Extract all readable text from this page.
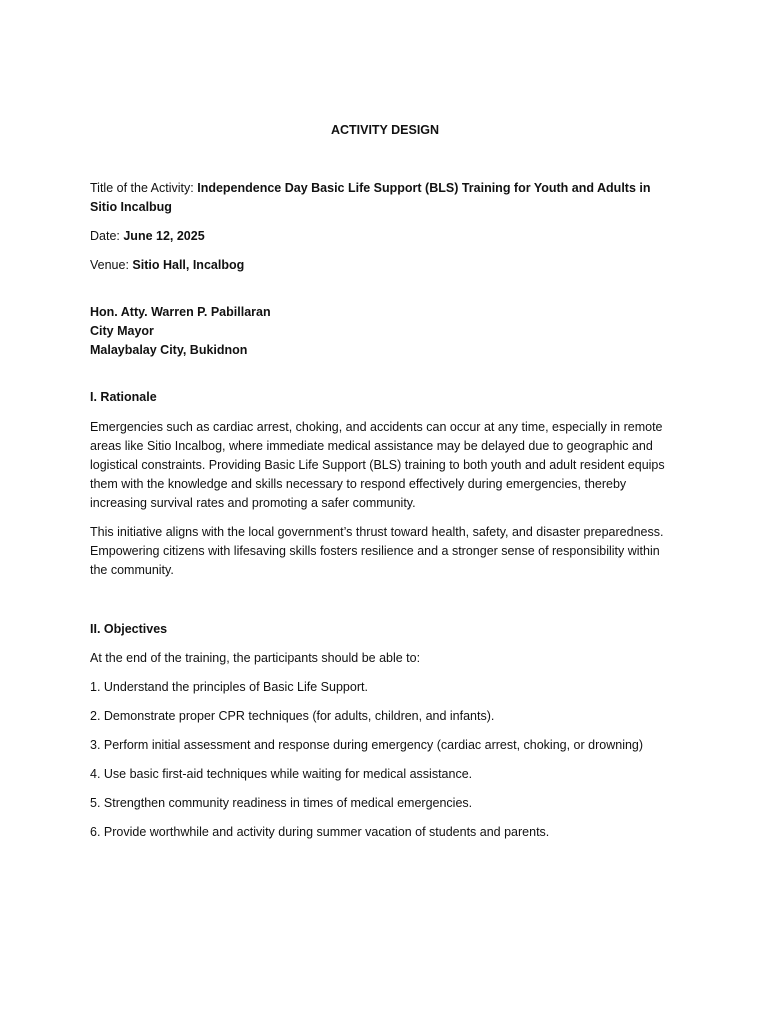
ACTIVITY DESIGN

Title of the Activity: Independence Day Basic Life Support (BLS) Training for Youth and Adults in Sitio Incalbug

Date: June 12, 2025

Venue: Sitio Hall, Incalbog

Hon. Atty. Warren P. Pabillaran
City Mayor
Malaybalay City, Bukidnon

I. Rationale

Emergencies such as cardiac arrest, choking, and accidents can occur at any time, especially in remote areas like Sitio Incalbog, where immediate medical assistance may be delayed due to geographic and logistical constraints. Providing Basic Life Support (BLS) training to both youth and adult resident equips them with the knowledge and skills necessary to respond effectively during emergencies, thereby increasing survival rates and promoting a safer community.

This initiative aligns with the local government’s thrust toward health, safety, and disaster preparedness. Empowering citizens with lifesaving skills fosters resilience and a stronger sense of responsibility within the community.

II. Objectives

At the end of the training, the participants should be able to:

1. Understand the principles of Basic Life Support.
2. Demonstrate proper CPR techniques (for adults, children, and infants).
3. Perform initial assessment and response during emergency (cardiac arrest, choking, or drowning)
4. Use basic first-aid techniques while waiting for medical assistance.
5. Strengthen community readiness in times of medical emergencies.
6. Provide worthwhile and activity during summer vacation of students and parents.
